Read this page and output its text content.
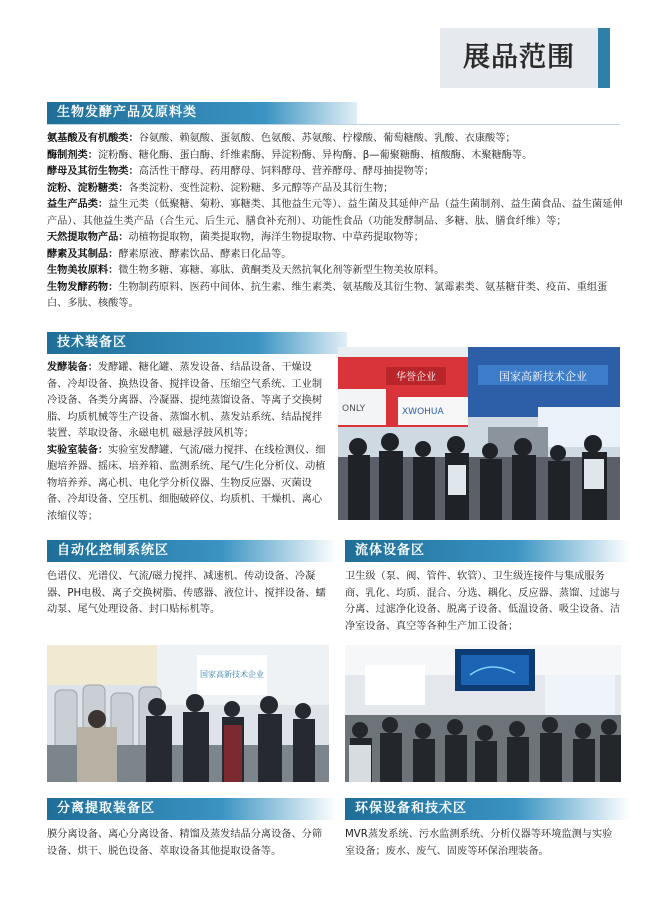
展品范围
生物发酵产品及原料类

氨基酸及有机酸类：谷氨酸、赖氨酸、蛋氨酸、色氨酸、苏氨酸、柠檬酸、葡萄糖酸、乳酸、衣康酸等；

酶制剂类：淀粉酶、糖化酶、蛋白酶、纤维素酶、异淀粉酶、异构酶、β—葡聚糖酶、植酸酶、木聚糖酶等。

酵母及其衍生物类：高活性干酵母、药用酵母、饲料酵母、营养酵母、酵母抽提物等；

淀粉、淀粉糖类：各类淀粉、变性淀粉、淀粉糖、多元醇等产品及其衍生物；

益生产品类：益生元类（低聚糖、菊粉、寡糖类、其他益生元等）、益生菌及其延伸产品（益生菌制剂、益生菌食品、益生菌延伸产品）、其他益生类产品（合生元、后生元、膳食补充剂）、功能性食品（功能发酵制品、多糖、肽、膳食纤维）等；

天然提取物产品：动植物提取物，菌类提取物，海洋生物提取物、中草药提取物等；

酵素及其制品：酵素原液、酵素饮品、酵素日化品等。

生物美妆原料：微生物多糖、寡糖、寡肽、黄酮类及天然抗氧化剂等新型生物美妆原料。

生物发酵药物：生物制药原料、医药中间体、抗生素、维生素类、氨基酸及其衍生物、氯霉素类、氨基糖苷类、疫苗、重组蛋白、多肽、核酸等。

技术装备区

发酵装备：发酵罐、糖化罐、蒸发设备、结晶设备、干燥设备、冷却设备、换热设备、搅拌设备、压缩空气系统、工业制冷设备、各类分离器、冷凝器、提纯蒸馏设备、等离子交换树脂、均质机械等生产设备、蒸馏水机、蒸发站系统、结晶搅拌装置、萃取设备、永磁电机 磁悬浮鼓风机等；

实验室装备：实验室发酵罐、气流/磁力搅拌、在线检测仪、细胞培养器、摇床、培养箱、监测系统、尾气/生化分析仪、动植物培养养、离心机、电化学分析仪器、生物反应器、灭菌设备、冷却设备、空压机、细胞破碎仪、均质机、干燥机、离心浓缩仪等；

国家高新技术企业
华誉企业
ONLY	XWOHUA
自动化控制系统区
色谱仪、光谱仪、气流/磁力搅拌、减速机、传动设备、冷凝器、PH电极、离子交换树脂、传感器、液位计、搅拌设备、蠕动泵、尾气处理设备、封口贴标机等。
流体设备区
卫生级（泵、阀、管件、软管）、卫生级连接件与集成服务商、乳化、均质、混合、分选、耦化、反应器、蒸馏、过滤与分离、过滤净化设备、脱离子设备、低温设备、吸尘设备、洁净室设备、真空等各种生产加工设备；
国家高新技术企业
分离提取装备区
膜分离设备、离心分离设备、精馏及蒸发结晶分离设备、分筛设备、烘干、脱色设备、萃取设备其他提取设备等。
环保设备和技术区
MVR蒸发系统、污水监测系统、分析仪器等环境监测与实验室设备；废水、废气、固废等环保治理装备。
